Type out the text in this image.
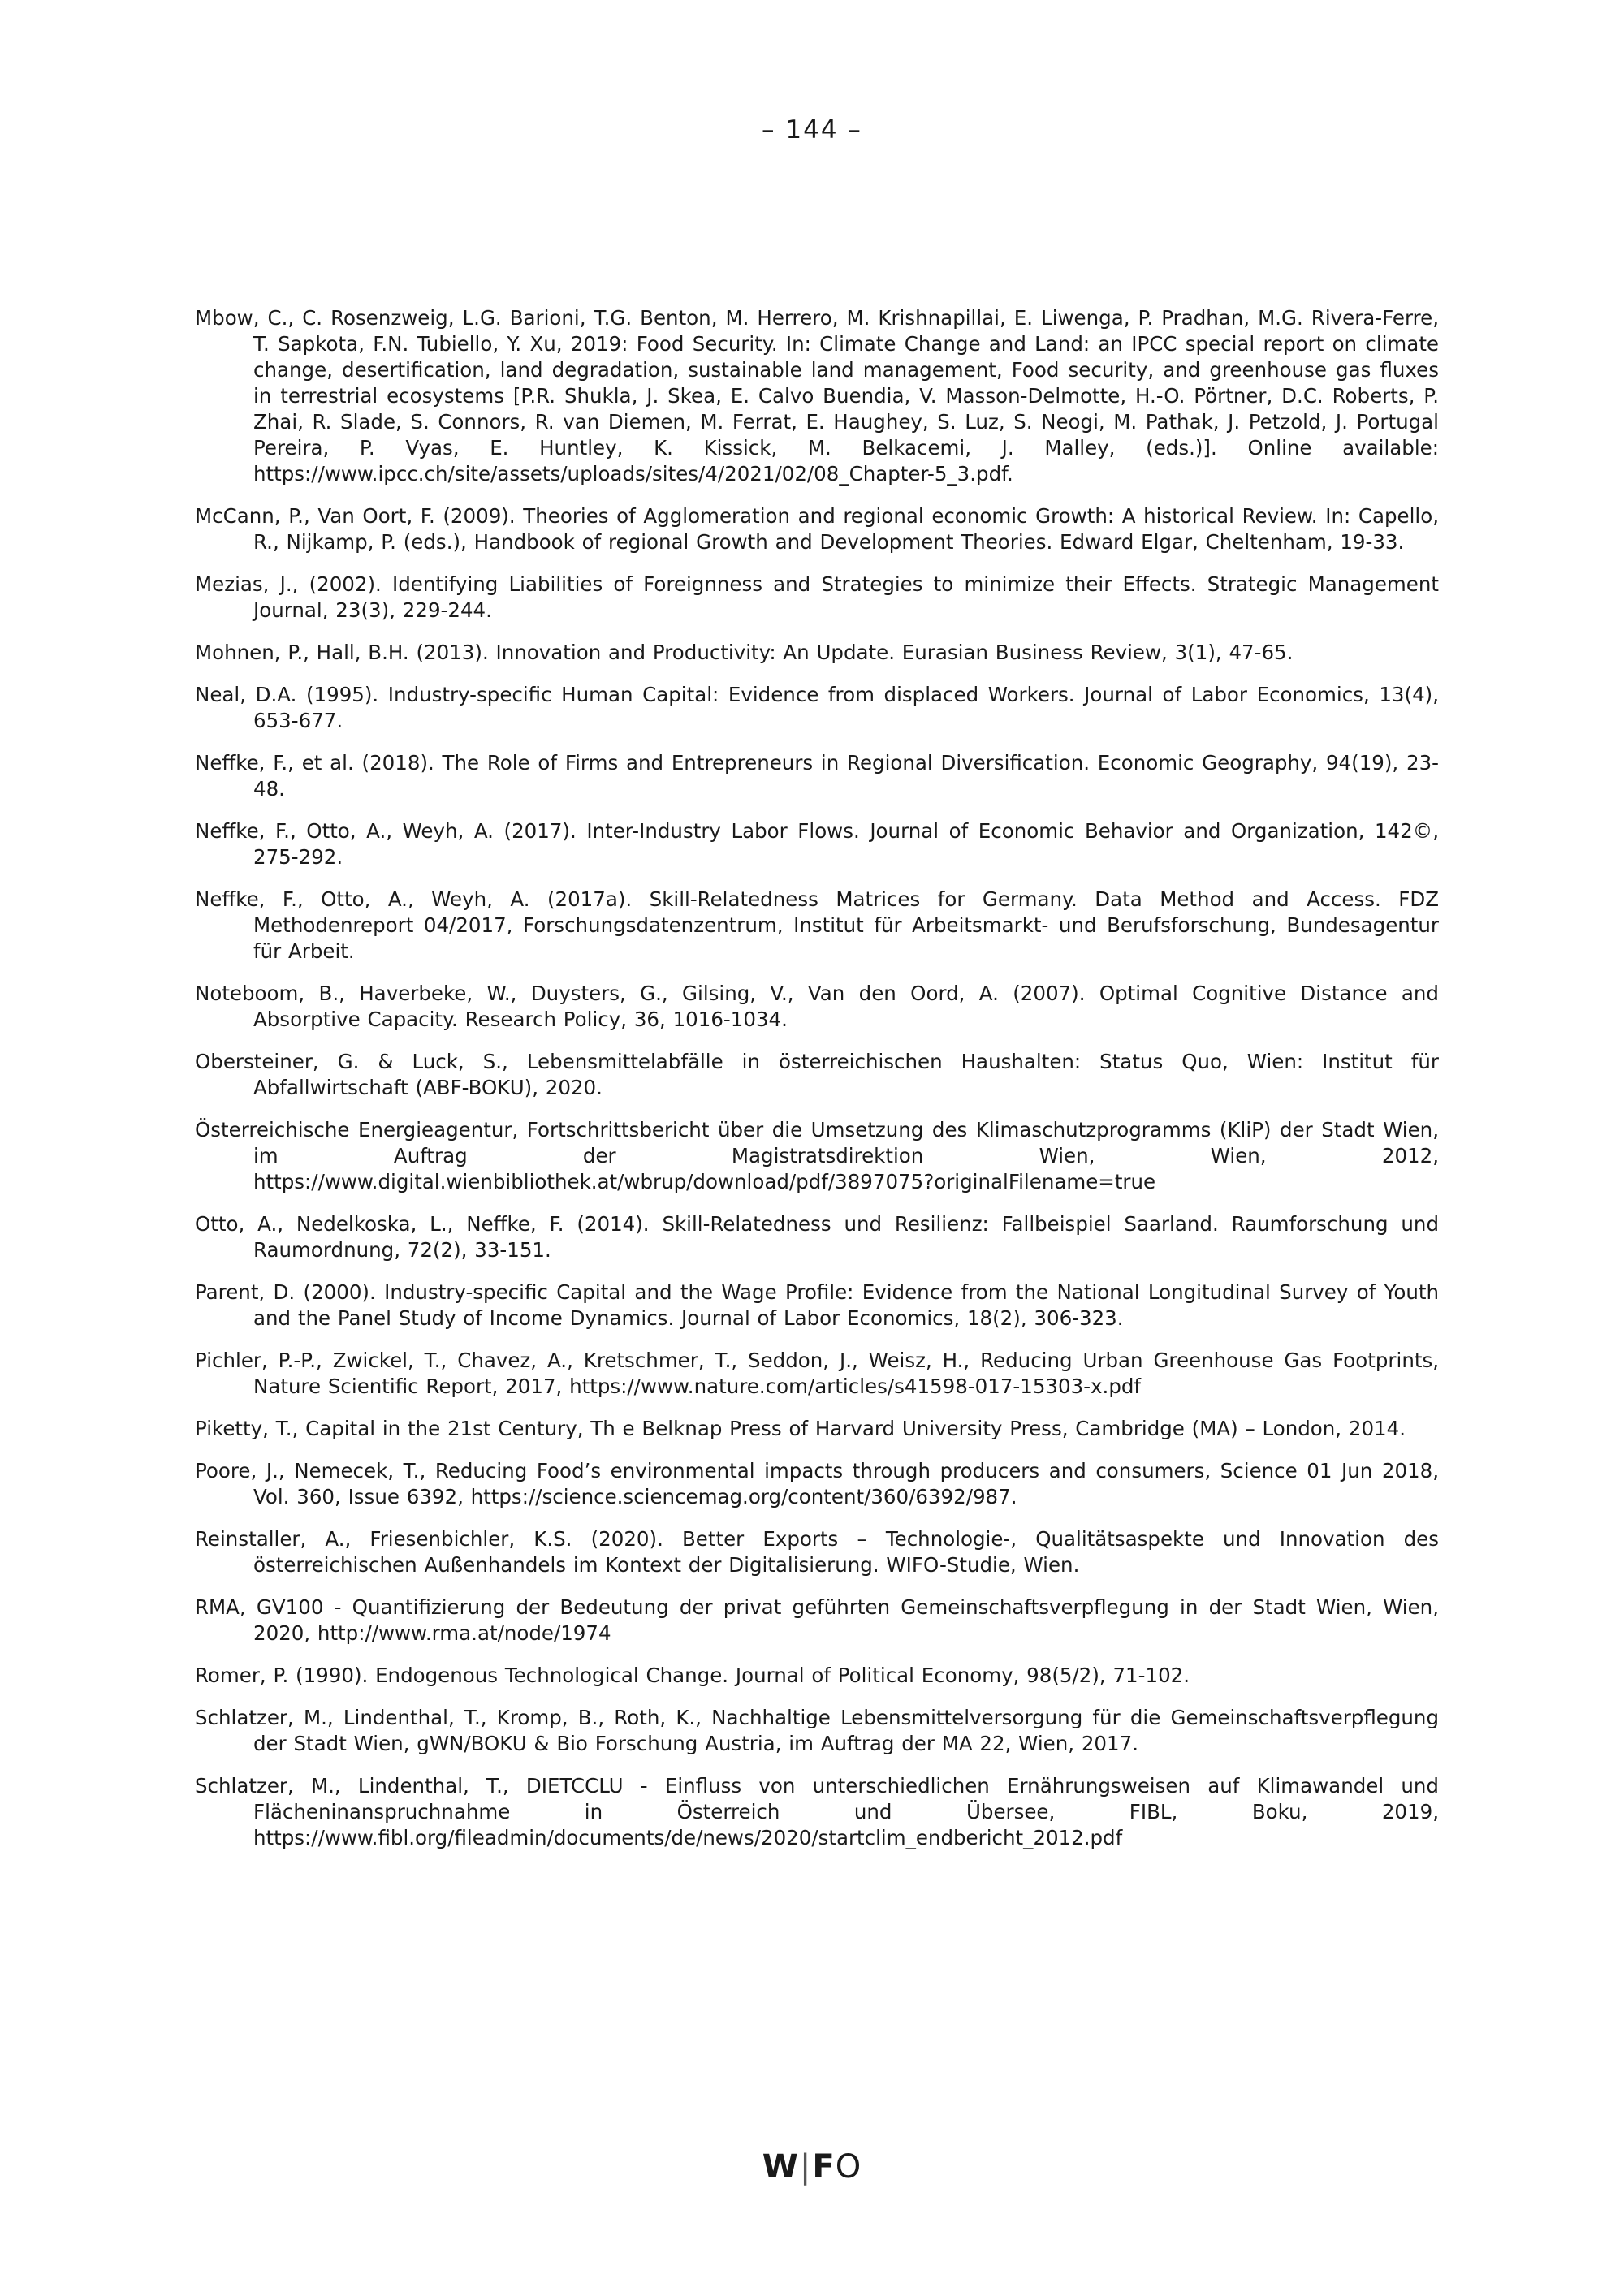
– 144 –

Mbow, C., C. Rosenzweig, L.G. Barioni, T.G. Benton, M. Herrero, M. Krishnapillai, E. Liwenga, P. Pradhan, M.G. Rivera-Ferre, T. Sapkota, F.N. Tubiello, Y. Xu, 2019: Food Security. In: Climate Change and Land: an IPCC special report on climate change, desertification, land degradation, sustainable land management, Food security, and greenhouse gas fluxes in terrestrial ecosystems [P.R. Shukla, J. Skea, E. Calvo Buendia, V. Masson-Delmotte, H.-O. Pörtner, D.C. Roberts, P. Zhai, R. Slade, S. Connors, R. van Diemen, M. Ferrat, E. Haughey, S. Luz, S. Neogi, M. Pathak, J. Petzold, J. Portugal Pereira, P. Vyas, E. Huntley, K. Kissick, M. Belkacemi, J. Malley, (eds.)]. Online available: https://www.ipcc.ch/site/assets/uploads/sites/4/2021/02/08_Chapter-5_3.pdf.

McCann, P., Van Oort, F. (2009). Theories of Agglomeration and regional economic Growth: A historical Review. In: Capello, R., Nijkamp, P. (eds.), Handbook of regional Growth and Development Theories. Edward Elgar, Cheltenham, 19-33.

Mezias, J., (2002). Identifying Liabilities of Foreignness and Strategies to minimize their Effects. Strategic Management Journal, 23(3), 229-244.

Mohnen, P., Hall, B.H. (2013). Innovation and Productivity: An Update. Eurasian Business Review, 3(1), 47-65.

Neal, D.A. (1995). Industry-specific Human Capital: Evidence from displaced Workers. Journal of Labor Economics, 13(4), 653-677.

Neffke, F., et al. (2018). The Role of Firms and Entrepreneurs in Regional Diversification. Economic Geography, 94(19), 23-48.

Neffke, F., Otto, A., Weyh, A. (2017). Inter-Industry Labor Flows. Journal of Economic Behavior and Organization, 142©, 275-292.

Neffke, F., Otto, A., Weyh, A. (2017a). Skill-Relatedness Matrices for Germany. Data Method and Access. FDZ Methodenreport 04/2017, Forschungsdatenzentrum, Institut für Arbeitsmarkt- und Berufsforschung, Bundesagentur für Arbeit.

Noteboom, B., Haverbeke, W., Duysters, G., Gilsing, V., Van den Oord, A. (2007). Optimal Cognitive Distance and Absorptive Capacity. Research Policy, 36, 1016-1034.

Obersteiner, G. & Luck, S., Lebensmittelabfälle in österreichischen Haushalten: Status Quo, Wien: Institut für Abfallwirtschaft (ABF-BOKU), 2020.

Österreichische Energieagentur, Fortschrittsbericht über die Umsetzung des Klimaschutzprogramms (KliP) der Stadt Wien, im Auftrag der Magistratsdirektion Wien, Wien, 2012, https://www.digital.wienbibliothek.at/wbrup/download/pdf/3897075?originalFilename=true

Otto, A., Nedelkoska, L., Neffke, F. (2014). Skill-Relatedness und Resilienz: Fallbeispiel Saarland. Raumforschung und Raumordnung, 72(2), 33-151.

Parent, D. (2000). Industry-specific Capital and the Wage Profile: Evidence from the National Longitudinal Survey of Youth and the Panel Study of Income Dynamics. Journal of Labor Economics, 18(2), 306-323.

Pichler, P.-P., Zwickel, T., Chavez, A., Kretschmer, T., Seddon, J., Weisz, H., Reducing Urban Greenhouse Gas Footprints, Nature Scientific Report, 2017, https://www.nature.com/articles/s41598-017-15303-x.pdf

Piketty, T., Capital in the 21st Century, Th e Belknap Press of Harvard University Press, Cambridge (MA) – London, 2014.

Poore, J., Nemecek, T., Reducing Food’s environmental impacts through producers and consumers, Science 01 Jun 2018, Vol. 360, Issue 6392, https://science.sciencemag.org/content/360/6392/987.

Reinstaller, A., Friesenbichler, K.S. (2020). Better Exports – Technologie-, Qualitätsaspekte und Innovation des österreichischen Außenhandels im Kontext der Digitalisierung. WIFO-Studie, Wien.

RMA, GV100 - Quantifizierung der Bedeutung der privat geführten Gemeinschaftsverpflegung in der Stadt Wien, Wien, 2020, http://www.rma.at/node/1974

Romer, P. (1990). Endogenous Technological Change. Journal of Political Economy, 98(5/2), 71-102.

Schlatzer, M., Lindenthal, T., Kromp, B., Roth, K., Nachhaltige Lebensmittelversorgung für die Gemeinschaftsverpflegung der Stadt Wien, gWN/BOKU & Bio Forschung Austria, im Auftrag der MA 22, Wien, 2017.

Schlatzer, M., Lindenthal, T., DIETCCLU - Einfluss von unterschiedlichen Ernährungsweisen auf Klimawandel und Flächeninanspruchnahme in Österreich und Übersee, FIBL, Boku, 2019, https://www.fibl.org/fileadmin/documents/de/news/2020/startclim_endbericht_2012.pdf

W|FO
